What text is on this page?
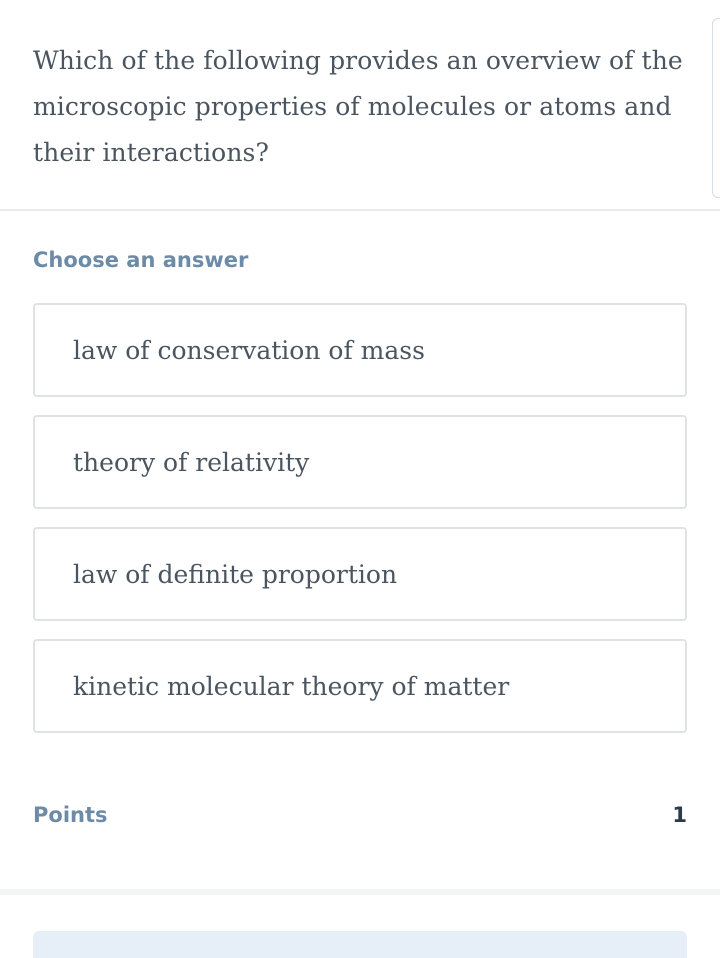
Which of the following provides an overview of the microscopic properties of molecules or atoms and their interactions?

Choose an answer
law of conservation of mass
theory of relativity
law of definite proportion
kinetic molecular theory of matter
Points	1
